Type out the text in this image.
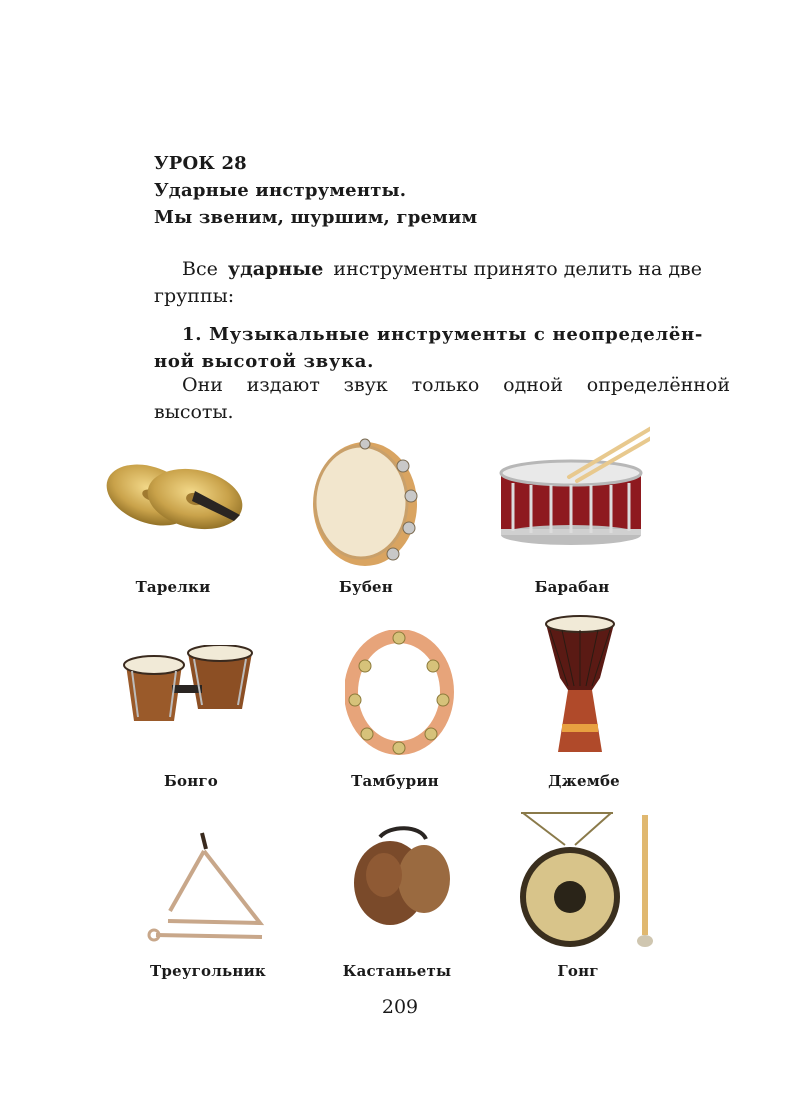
УРОК 28
Ударные инструменты.
Мы звеним, шуршим, гремим
Все ударные инструменты принято делить на две
группы:
1. Музыкальные инструменты с неопределён-
ной высотой звука.
Они издают звук только одной определённой
высоты.
Тарелки	Бубен	Барабан
Бонго	Тамбурин	Джембе
Треугольник	Кастаньеты	Гонг
209
